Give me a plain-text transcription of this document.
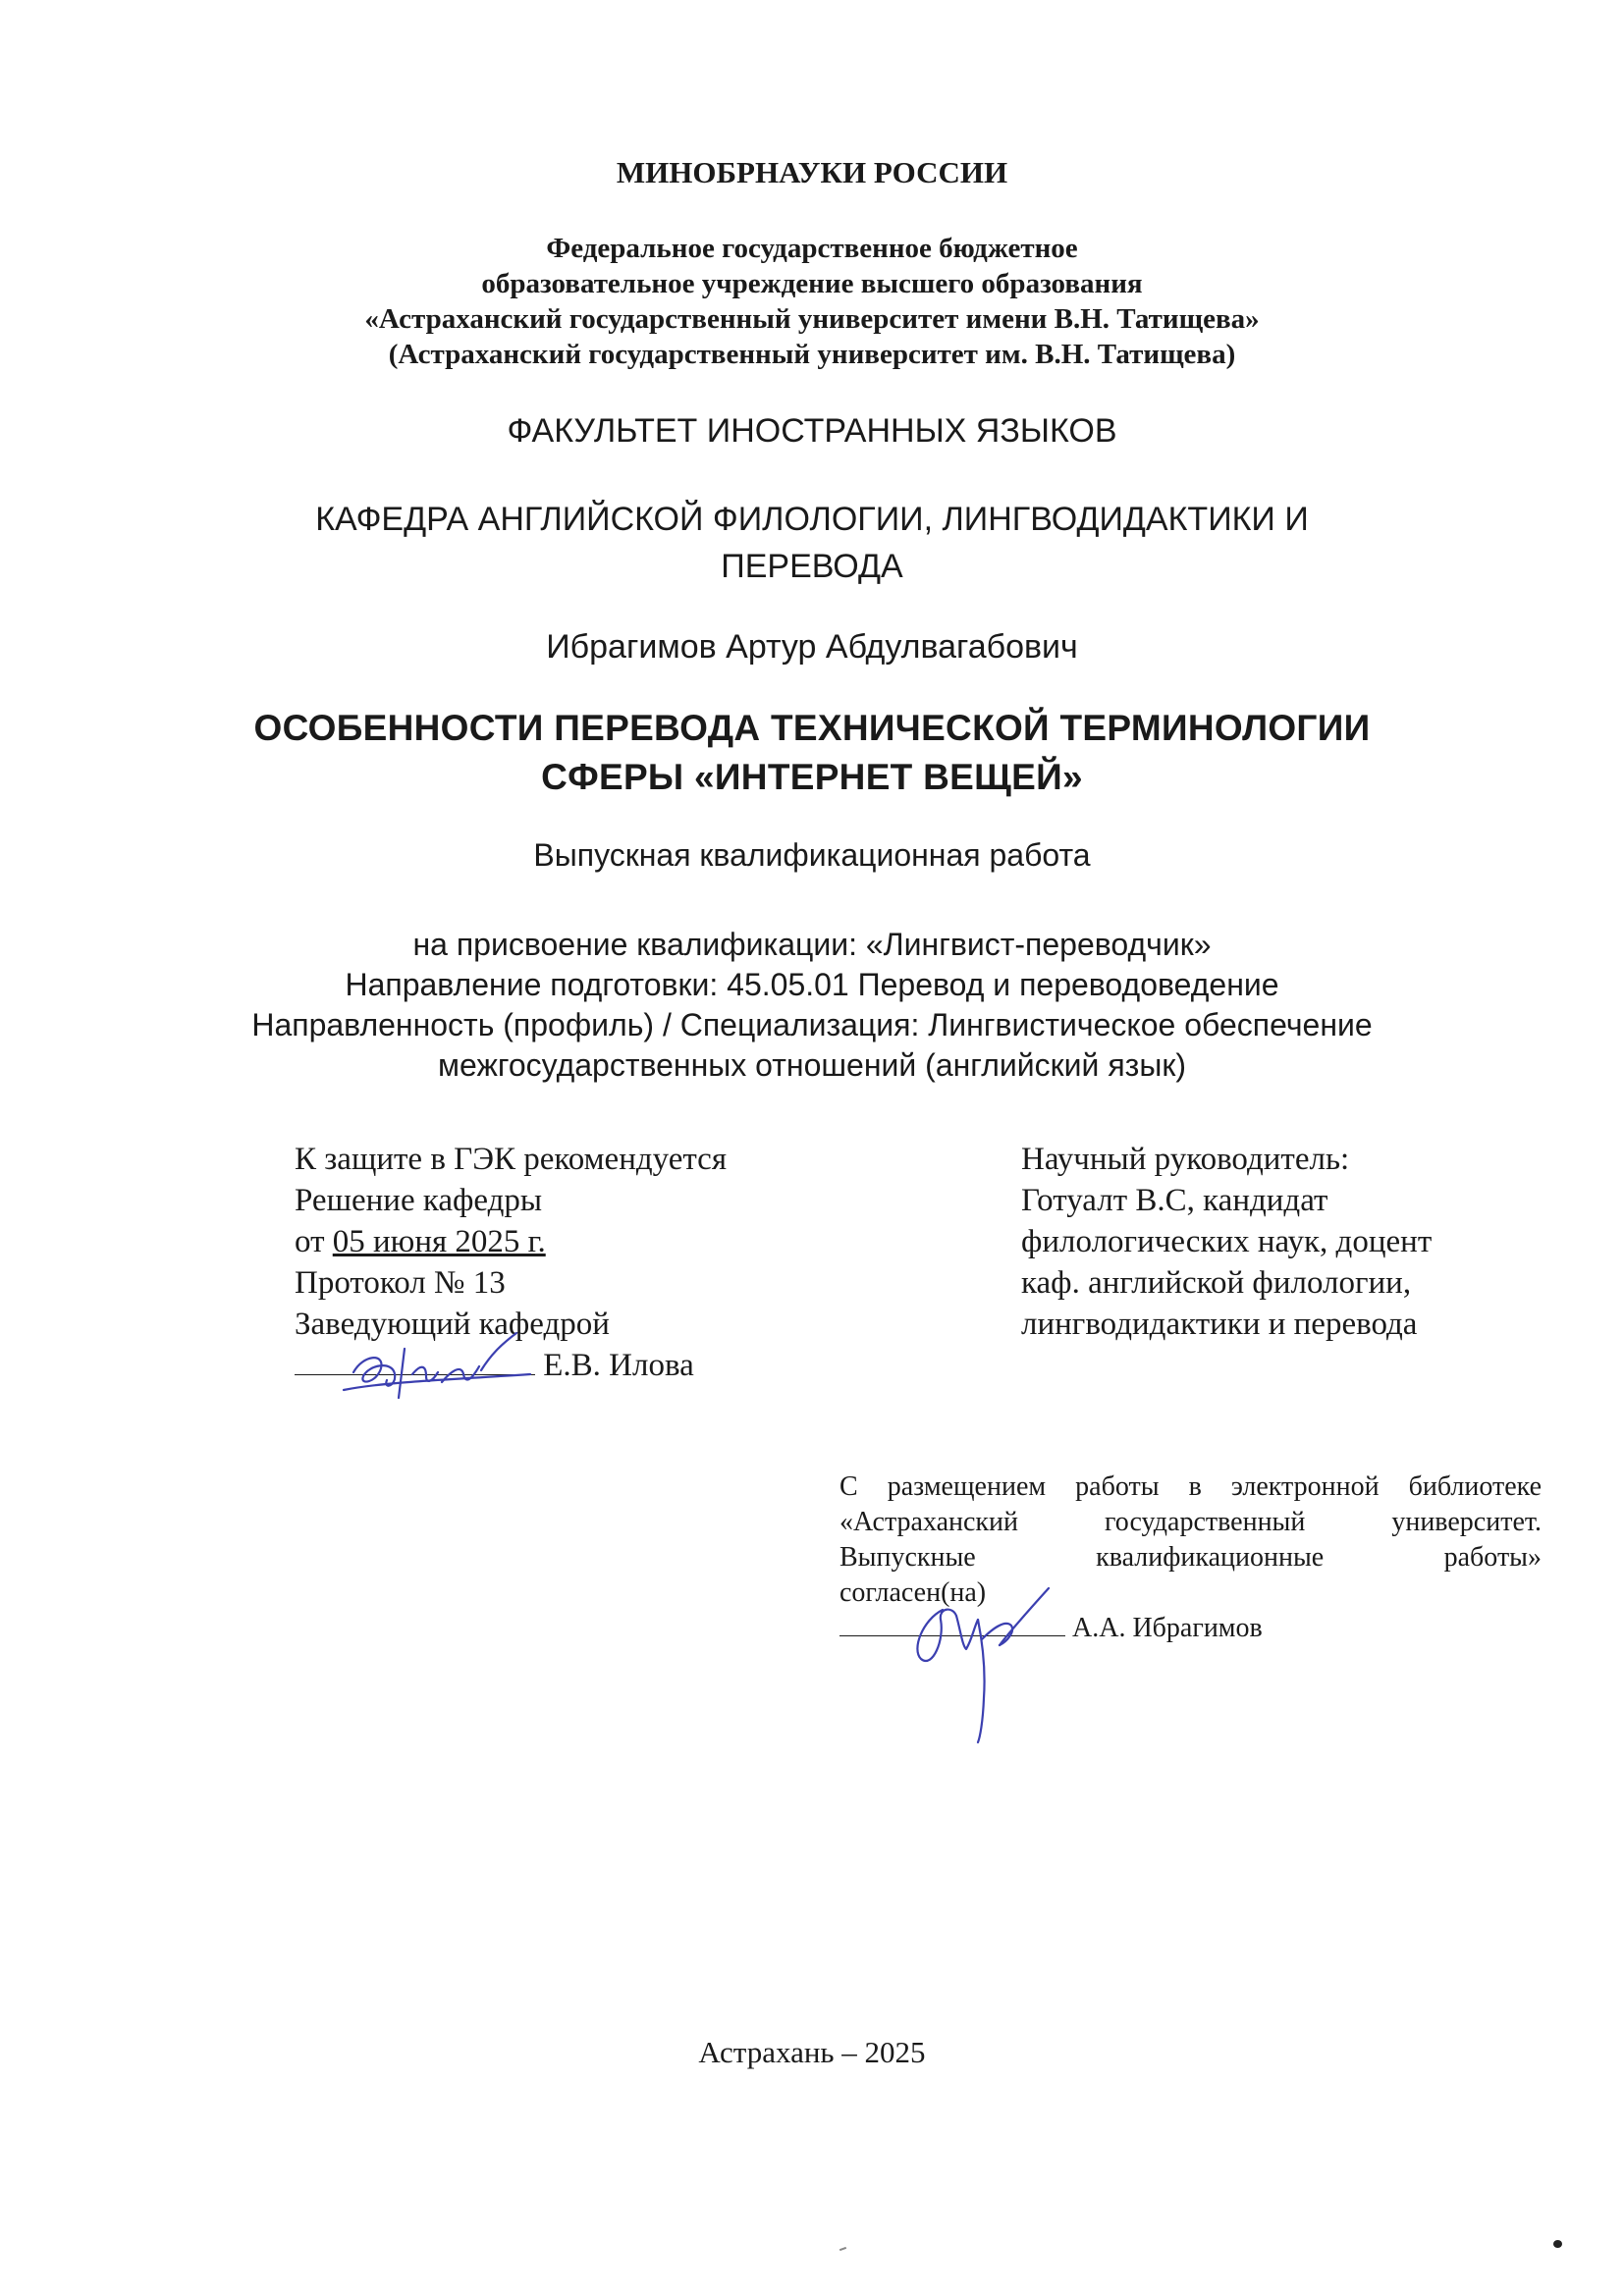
МИНОБРНАУКИ РОССИИ
Федеральное государственное бюджетное
образовательное учреждение высшего образования
«Астраханский государственный университет имени В.Н. Татищева»
(Астраханский государственный университет им. В.Н. Татищева)
ФАКУЛЬТЕТ ИНОСТРАННЫХ ЯЗЫКОВ
КАФЕДРА АНГЛИЙСКОЙ ФИЛОЛОГИИ, ЛИНГВОДИДАКТИКИ И
ПЕРЕВОДА
Ибрагимов Артур Абдулвагабович
ОСОБЕННОСТИ ПЕРЕВОДА ТЕХНИЧЕСКОЙ ТЕРМИНОЛОГИИ
СФЕРЫ «ИНТЕРНЕТ ВЕЩЕЙ»
Выпускная квалификационная работа
на присвоение квалификации: «Лингвист-переводчик»
Направление подготовки: 45.05.01 Перевод и переводоведение
Направленность (профиль) / Специализация: Лингвистическое обеспечение
межгосударственных отношений (английский язык)
К защите в ГЭК рекомендуется
Решение кафедры
от 05 июня 2025 г.
Протокол № 13
Заведующий кафедрой
Е.В. Илова
Научный руководитель:
Готуалт В.С, кандидат
филологических наук, доцент
каф. английской филологии,
лингводидактики и перевода
С размещением работы в электронной библиотеке
«Астраханский государственный университет.
Выпускные квалификационные работы»
согласен(на)
А.А. Ибрагимов
Астрахань – 2025
